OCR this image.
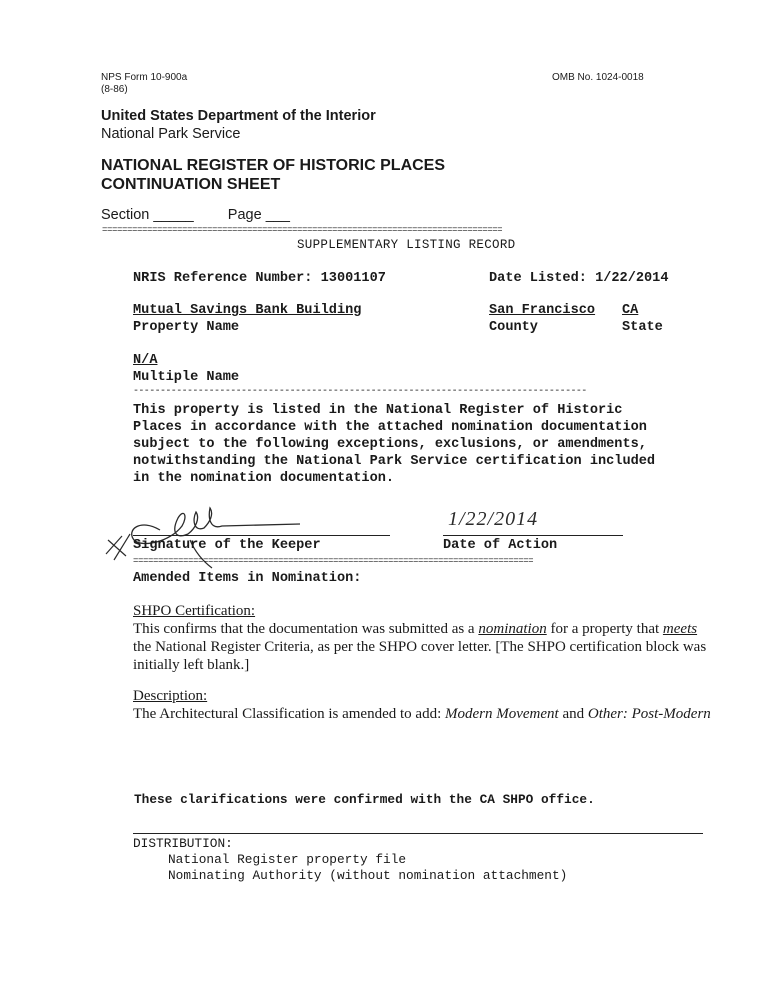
NPS Form 10-900a
(8-86)
OMB No. 1024-0018
United States Department of the Interior
National Park Service
NATIONAL REGISTER OF HISTORIC PLACES
CONTINUATION SHEET
Section _____ Page ___
================================================================================
SUPPLEMENTARY LISTING RECORD
NRIS Reference Number: 13001107	Date Listed: 1/22/2014
Mutual Savings Bank Building
Property Name
San Francisco
County
CA
State
N/A
Multiple Name
------------------------------------------------------------------------------------
This property is listed in the National Register of Historic
Places in accordance with the attached nomination documentation
subject to the following exceptions, exclusions, or amendments,
notwithstanding the National Park Service certification included
in the nomination documentation.
Signature of the Keeper
1/22/2014
Date of Action
================================================================================
Amended Items in Nomination:
SHPO Certification:
This confirms that the documentation was submitted as a nomination for a property that meets the National Register Criteria, as per the SHPO cover letter. [The SHPO certification block was initially left blank.]
Description:
The Architectural Classification is amended to add: Modern Movement and Other: Post-Modern
These clarifications were confirmed with the CA SHPO office.
DISTRIBUTION:
National Register property file
Nominating Authority (without nomination attachment)
